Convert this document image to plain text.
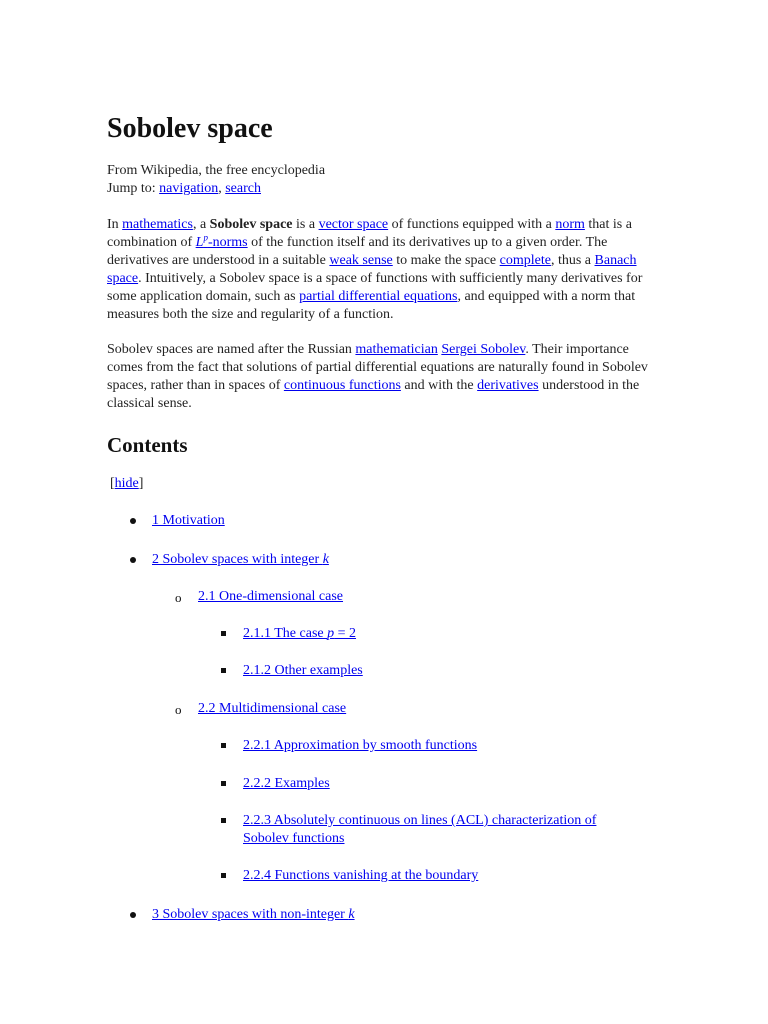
Sobolev space
From Wikipedia, the free encyclopedia
Jump to: navigation, search

In mathematics, a Sobolev space is a vector space of functions equipped with a norm that is a combination of L$^p$-norms of the function itself and its derivatives up to a given order. The derivatives are understood in a suitable weak sense to make the space complete, thus a Banach space. Intuitively, a Sobolev space is a space of functions with sufficiently many derivatives for some application domain, such as partial differential equations, and equipped with a norm that measures both the size and regularity of a function.

Sobolev spaces are named after the Russian mathematician Sergei Sobolev. Their importance comes from the fact that solutions of partial differential equations are naturally found in Sobolev spaces, rather than in spaces of continuous functions and with the derivatives understood in the classical sense.

Contents
[hide]
1 Motivation
2 Sobolev spaces with integer k
o 2.1 One-dimensional case
2.1.1 The case p = 2
2.1.2 Other examples
o 2.2 Multidimensional case
2.2.1 Approximation by smooth functions
2.2.2 Examples
2.2.3 Absolutely continuous on lines (ACL) characterization of Sobolev functions
2.2.4 Functions vanishing at the boundary
3 Sobolev spaces with non-integer k
